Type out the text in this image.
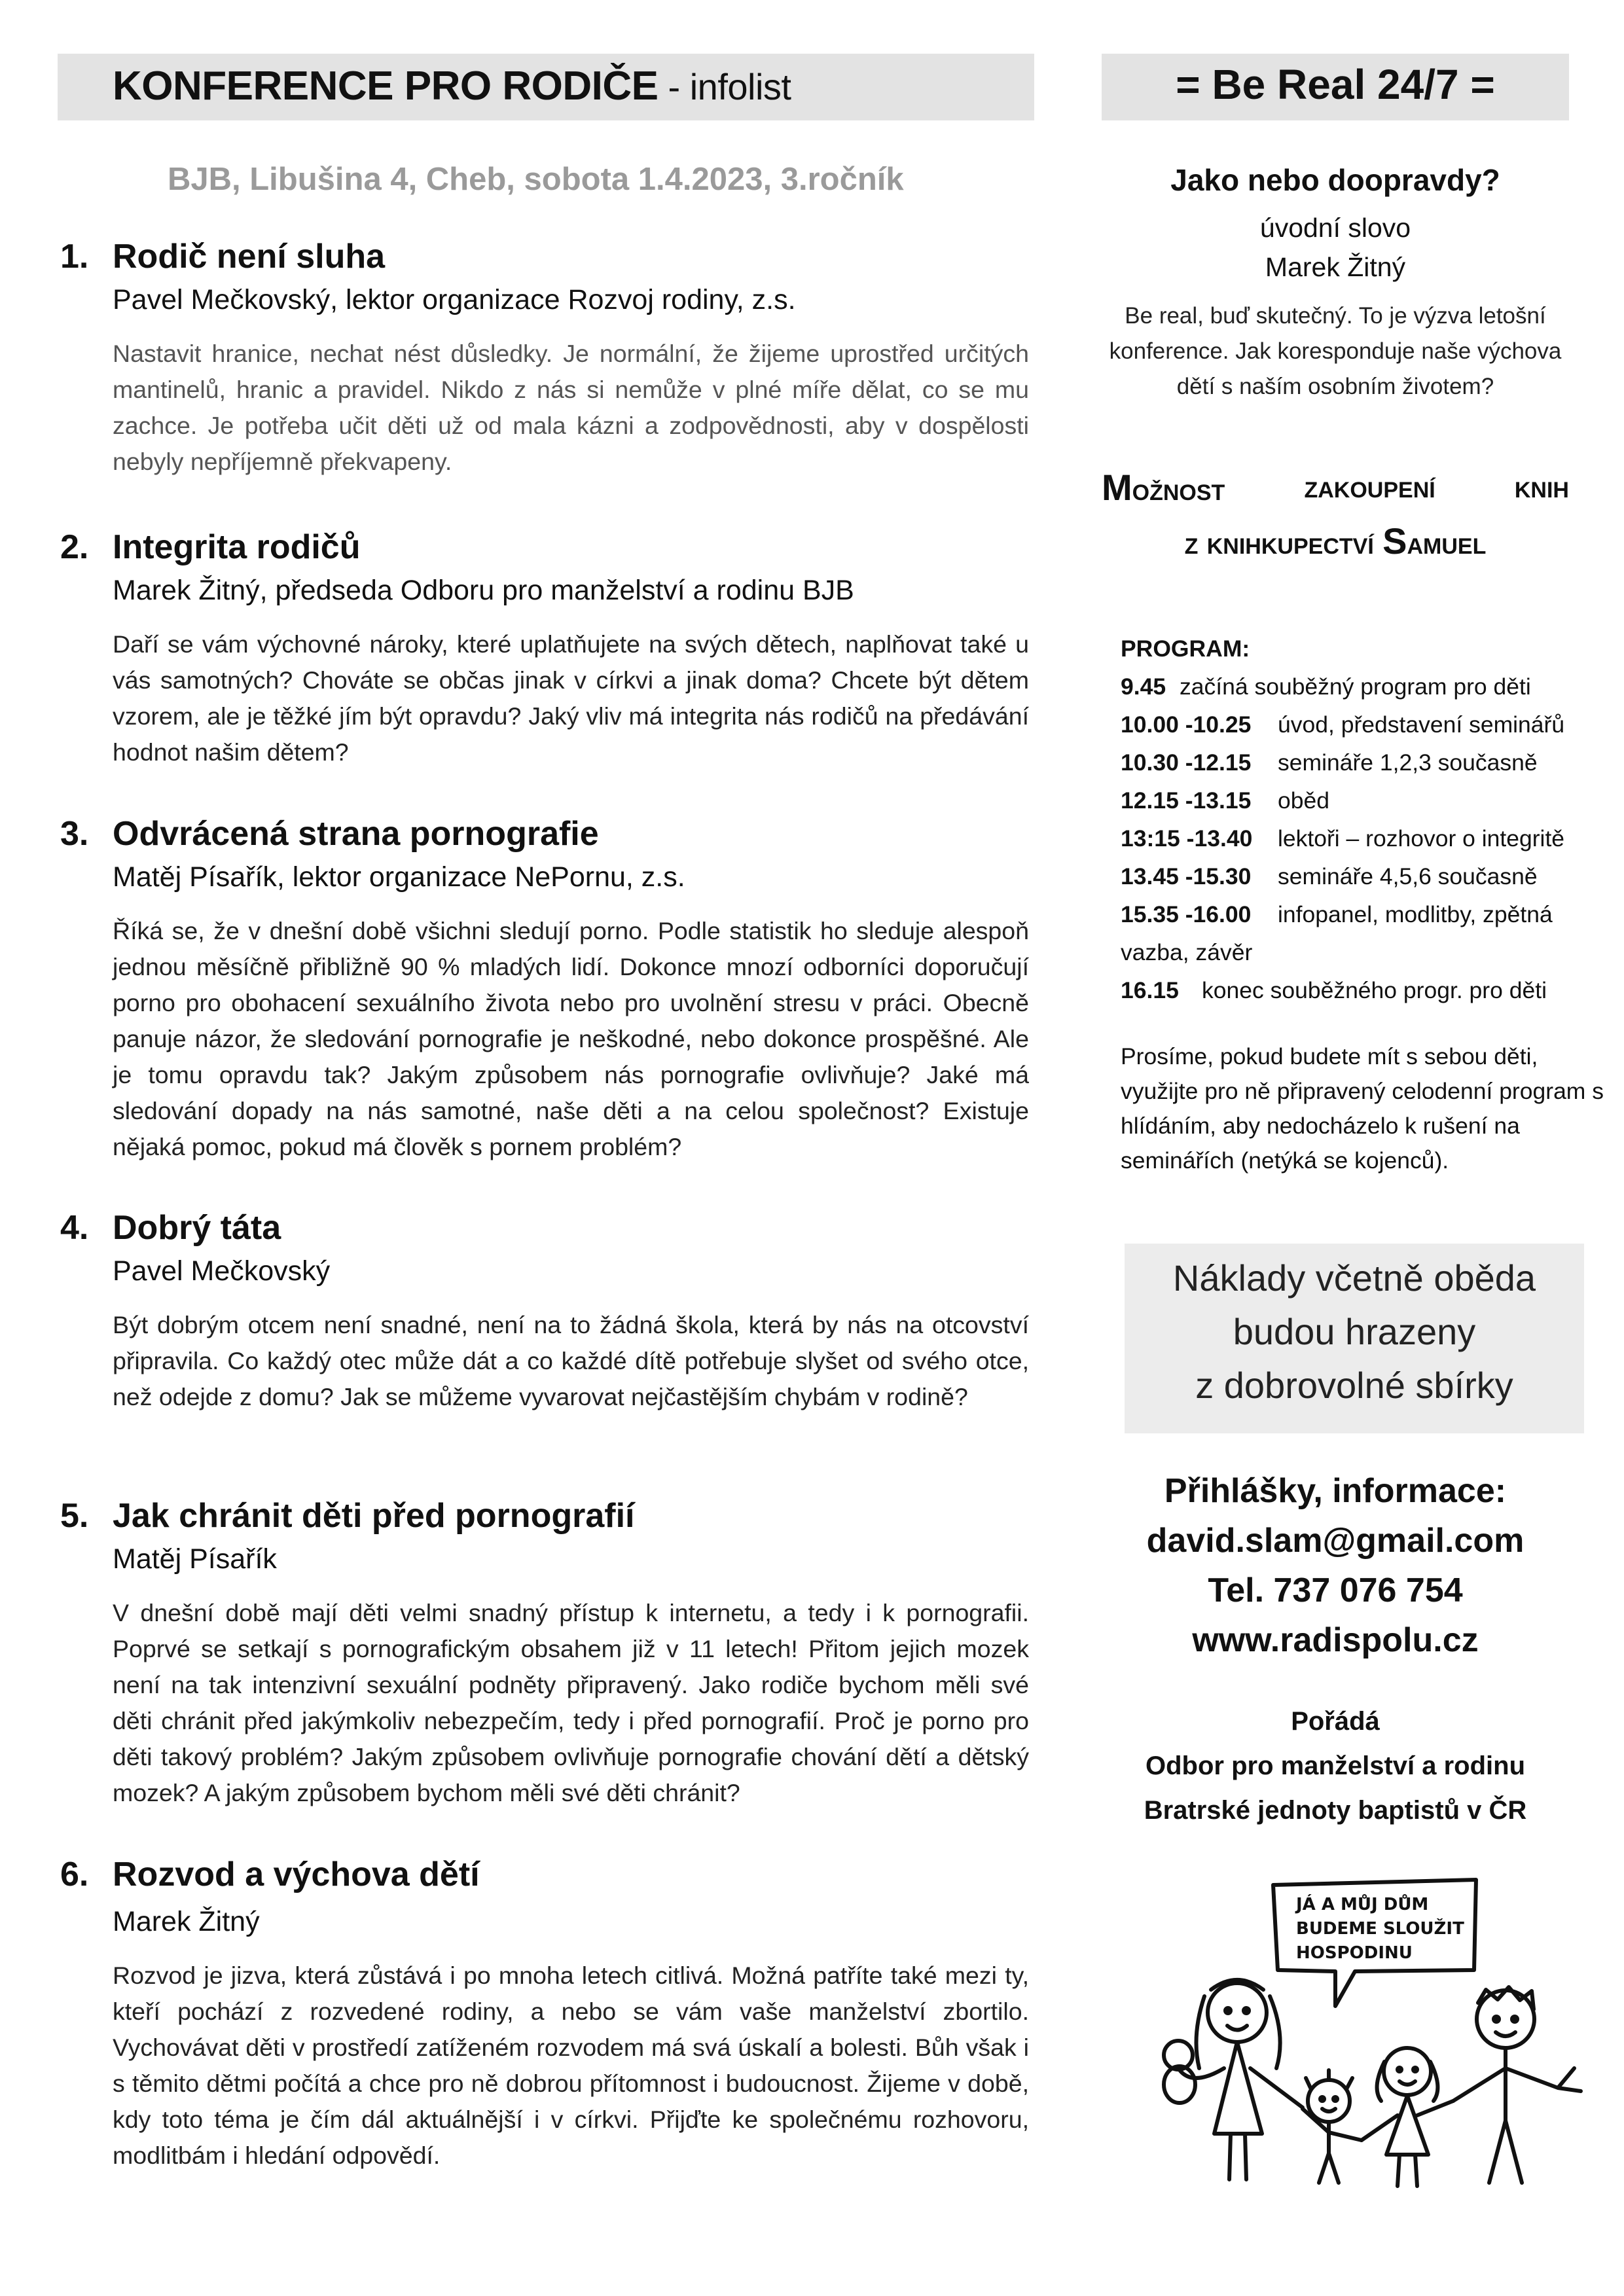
KONFERENCE PRO RODIČE - infolist	= Be Real 24/7 =
BJB, Libušina 4, Cheb, sobota 1.4.2023, 3.ročník
1. Rodič není sluha
Pavel Mečkovský, lektor organizace Rozvoj rodiny, z.s.
Nastavit hranice, nechat nést důsledky. Je normální, že žijeme uprostřed určitých mantinelů, hranic a pravidel. Nikdo z nás si nemůže v plné míře dělat, co se mu zachce. Je potřeba učit děti už od mala kázni a zodpovědnosti, aby v dospělosti nebyly nepříjemně překvapeny.
2. Integrita rodičů
Marek Žitný, předseda Odboru pro manželství a rodinu BJB
Daří se vám výchovné nároky, které uplatňujete na svých dětech, naplňovat také u vás samotných? Chováte se občas jinak v církvi a jinak doma? Chcete být dětem vzorem, ale je těžké jím být opravdu? Jaký vliv má integrita nás rodičů na předávání hodnot našim dětem?
3. Odvrácená strana pornografie
Matěj Písařík, lektor organizace NePornu, z.s.
Říká se, že v dnešní době všichni sledují porno. Podle statistik ho sleduje alespoň jednou měsíčně přibližně 90 % mladých lidí. Dokonce mnozí odborníci doporučují porno pro obohacení sexuálního života nebo pro uvolnění stresu v práci. Obecně panuje názor, že sledování pornografie je neškodné, nebo dokonce prospěšné. Ale je tomu opravdu tak? Jakým způsobem nás pornografie ovlivňuje? Jaké má sledování dopady na nás samotné, naše děti a na celou společnost? Existuje nějaká pomoc, pokud má člověk s pornem problém?
4. Dobrý táta
Pavel Mečkovský
Být dobrým otcem není snadné, není na to žádná škola, která by nás na otcovství připravila. Co každý otec může dát a co každé dítě potřebuje slyšet od svého otce, než odejde z domu? Jak se můžeme vyvarovat nejčastějším chybám v rodině?
5. Jak chránit děti před pornografií
Matěj Písařík
V dnešní době mají děti velmi snadný přístup k internetu, a tedy i k pornografii. Poprvé se setkají s pornografickým obsahem již v 11 letech! Přitom jejich mozek není na tak intenzivní sexuální podněty připravený. Jako rodiče bychom měli své děti chránit před jakýmkoliv nebezpečím, tedy i před pornografií. Proč je porno pro děti takový problém? Jakým způsobem ovlivňuje pornografie chování dětí a dětský mozek? A jakým způsobem bychom měli své děti chránit?
6. Rozvod a výchova dětí
Marek Žitný
Rozvod je jizva, která zůstává i po mnoha letech citlivá. Možná patříte také mezi ty, kteří pochází z rozvedené rodiny, a nebo se vám vaše manželství zbortilo. Vychovávat děti v prostředí zatíženém rozvodem má svá úskalí a bolesti. Bůh však i s těmito dětmi počítá a chce pro ně dobrou přítomnost i budoucnost. Žijeme v době, kdy toto téma je čím dál aktuálnější i v církvi. Přijďte ke společnému rozhovoru, modlitbám i hledání odpovědí.
Jako nebo doopravdy?
úvodní slovo
Marek Žitný
Be real, buď skutečný. To je výzva letošní konference. Jak koresponduje naše výchova dětí s naším osobním životem?
Možnost	zakoupení	knih
z knihkupectví Samuel
PROGRAM:
9.45 začíná souběžný program pro děti
10.00 -10.25 úvod, představení seminářů
10.30 -12.15 semináře 1,2,3 současně
12.15 -13.15 oběd
13:15 -13.40 lektoři – rozhovor o integritě
13.45 -15.30 semináře 4,5,6 současně
15.35 -16.00 infopanel, modlitby, zpětná
vazba, závěr
16.15 konec souběžného progr. pro děti
Prosíme, pokud budete mít s sebou děti, využijte pro ně připravený celodenní program s hlídáním, aby nedocházelo k rušení na seminářích (netýká se kojenců).
Náklady včetně oběda
budou hrazeny
z dobrovolné sbírky
Přihlášky, informace:
david.slam@gmail.com
Tel. 737 076 754
www.radispolu.cz
Pořádá
Odbor pro manželství a rodinu
Bratrské jednoty baptistů v ČR
JÁ A MŮJ DŮM
BUDEME SLOUŽIT
HOSPODINU
